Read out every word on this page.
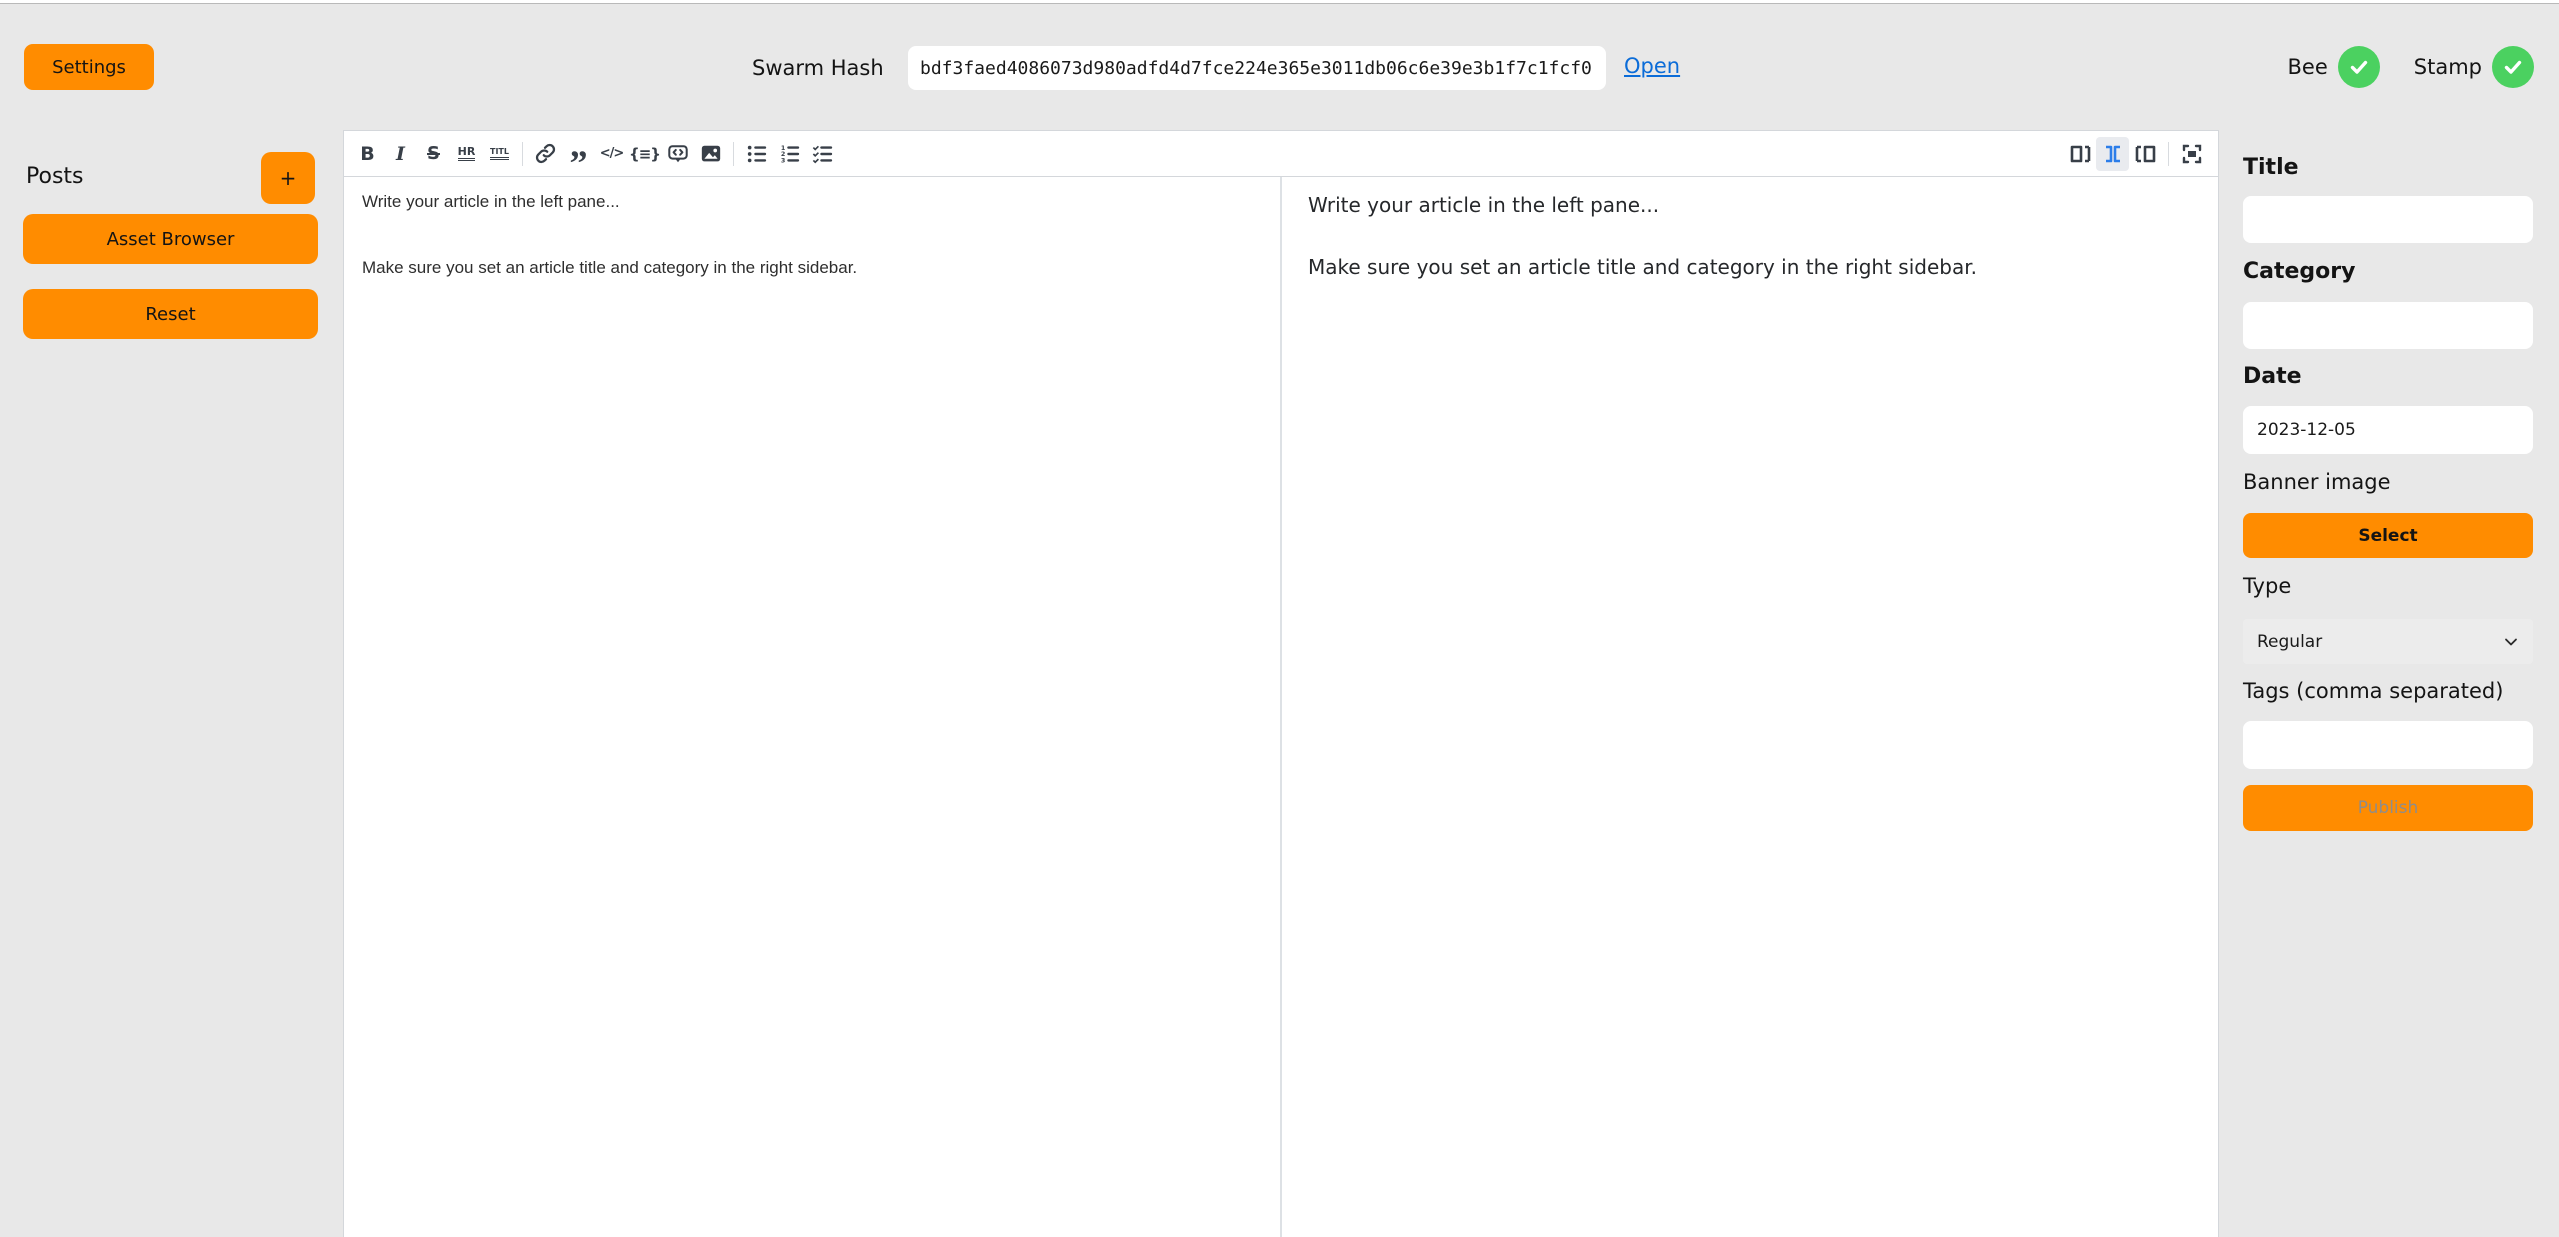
Settings	Swarm Hash
bdf3faed4086073d980adfd4d7fce224e365e3011db06c6e39e3b1f7c1fcf0	Open	Bee	Stamp
Posts	+
Asset Browser
Reset
B I S HR TITL ” </> {≡}	1
2
3
Write your article in the left pane...
Make sure you set an article title and category in the right sidebar.

Write your article in the left pane...

Make sure you set an article title and category in the right sidebar.

Title
Category
Date
2023-12-05
Banner image
Select
Type
Regular
Tags (comma separated)
Publish
